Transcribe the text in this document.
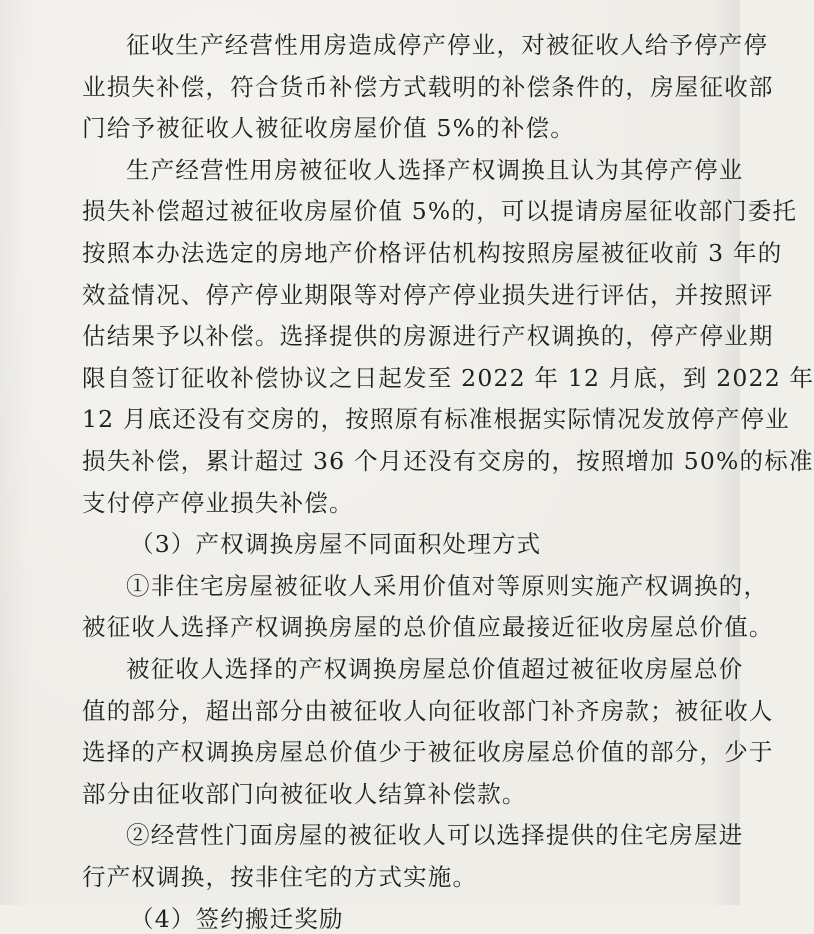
征收生产经营性用房造成停产停业，对被征收人给予停产停
业损失补偿，符合货币补偿方式载明的补偿条件的，房屋征收部
门给予被征收人被征收房屋价值 5%的补偿。
生产经营性用房被征收人选择产权调换且认为其停产停业
损失补偿超过被征收房屋价值 5%的，可以提请房屋征收部门委托
按照本办法选定的房地产价格评估机构按照房屋被征收前 3 年的
效益情况、停产停业期限等对停产停业损失进行评估，并按照评
估结果予以补偿。选择提供的房源进行产权调换的，停产停业期
限自签订征收补偿协议之日起发至 2022 年 12 月底，到 2022 年
12 月底还没有交房的，按照原有标准根据实际情况发放停产停业
损失补偿，累计超过 36 个月还没有交房的，按照增加 50%的标准
支付停产停业损失补偿。
（3）产权调换房屋不同面积处理方式
①非住宅房屋被征收人采用价值对等原则实施产权调换的，
被征收人选择产权调换房屋的总价值应最接近征收房屋总价值。
被征收人选择的产权调换房屋总价值超过被征收房屋总价
值的部分，超出部分由被征收人向征收部门补齐房款；被征收人
选择的产权调换房屋总价值少于被征收房屋总价值的部分，少于
部分由征收部门向被征收人结算补偿款。
②经营性门面房屋的被征收人可以选择提供的住宅房屋进
行产权调换，按非住宅的方式实施。
（4）签约搬迁奖励
